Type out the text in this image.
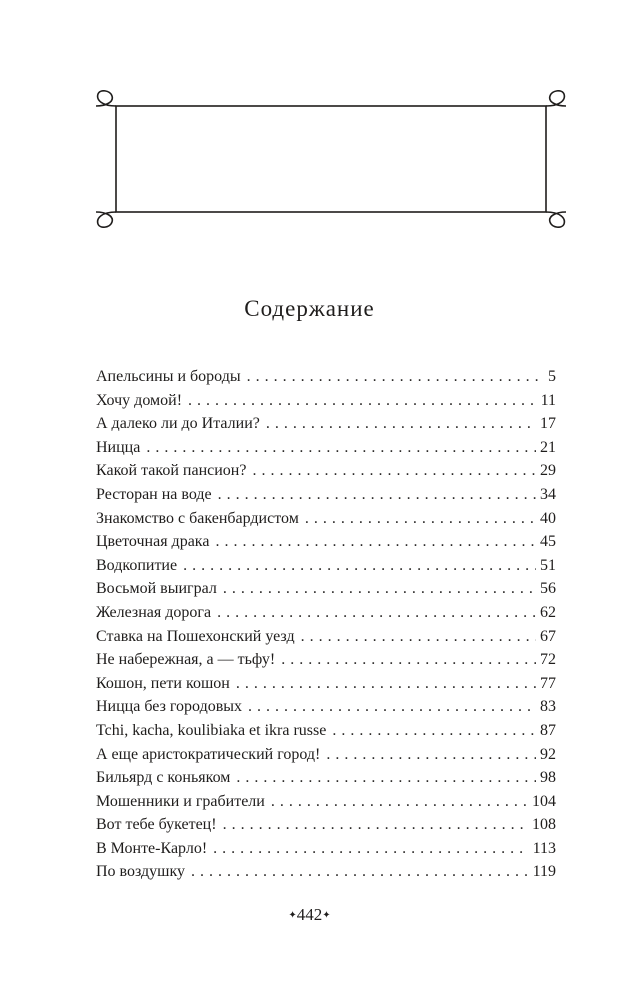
Содержание
Апельсины и бороды . . .	5
Хочу домой! . . .	11
А далеко ли до Италии? . . .	17
Ницца . . .	21
Какой такой пансион? . . .	29
Ресторан на воде . . .	34
Знакомство с бакенбардистом . . .	40
Цветочная драка . . .	45
Водкопитие . . .	51
Восьмой выиграл . . .	56
Железная дорога . . .	62
Ставка на Пошехонский уезд . . .	67
Не набережная, а — тьфу! . . .	72
Кошон, пети кошон . . .	77
Ницца без городовых . . .	83
Tchi, kacha, koulibiaka et ikra russe . . .	87
А еще аристократический город! . . .	92
Бильярд с коньяком . . .	98
Мошенники и грабители . . .	104
Вот тебе букетец! . . .	108
В Монте-Карло! . . .	113
По воздушку . . .	119
✦442✦
